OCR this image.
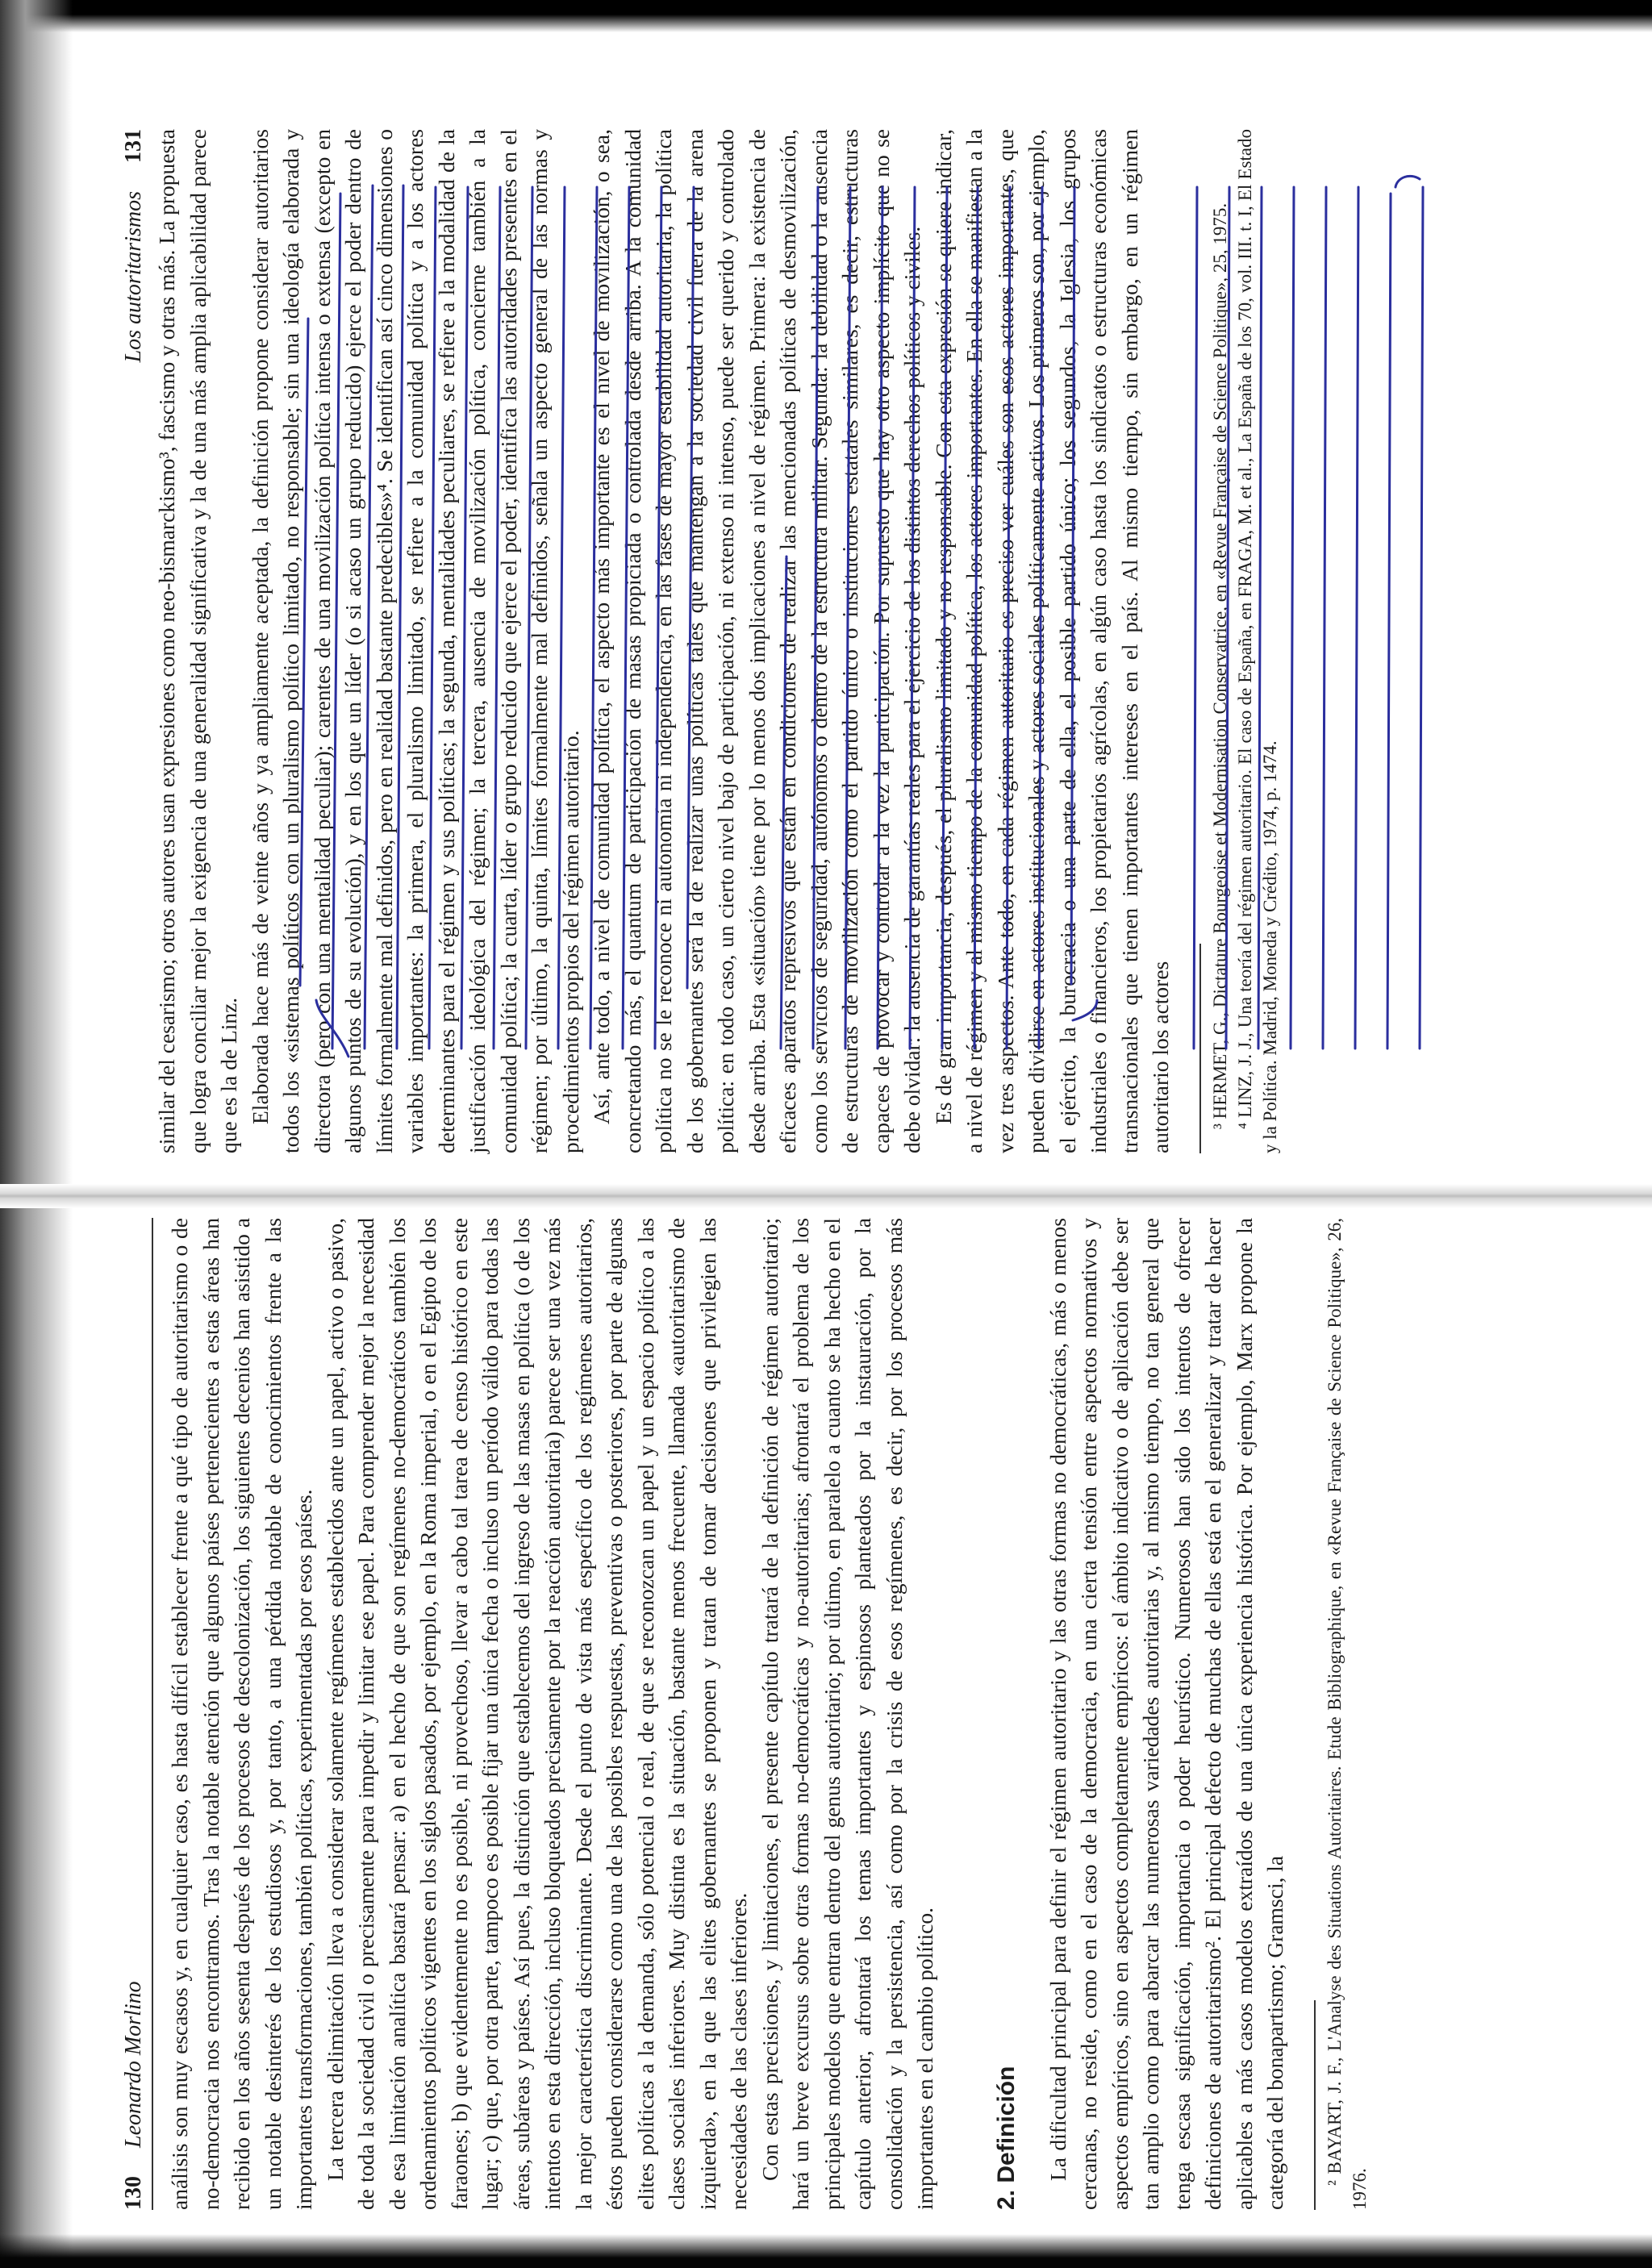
Los autoritarismos     131 similar del cesarismo; otros autores usan expresiones como neo-bismarckismo³, fascismo y otras más. La propuesta que logra conciliar mejor la exigencia de una generalidad significativa y la de una más amplia aplicabilidad parece que es la de Linz. Elaborada hace más de veinte años y ya ampliamente aceptada, la definición propone considerar autoritarios todos los «sistemas políticos con un pluralismo político limitado, no responsable; sin una ideología elaborada y directora (pero con una mentalidad peculiar); carentes de una movilización política intensa o extensa (excepto en algunos puntos de su evolución), y en los que un líder (o si acaso un grupo reducido) ejerce el poder dentro de límites formalmente mal definidos, pero en realidad bastante predecibles»⁴. Se identifican así cinco dimensiones o variables importantes: la primera, el pluralismo limitado, se refiere a la comunidad política y a los actores determinantes para el régimen y sus políticas; la segunda, mentalidades peculiares, se refiere a la modalidad de la justificación ideológica del régimen; la tercera, ausencia de movilización política, concierne también a la comunidad política; la cuarta, líder o grupo reducido que ejerce el poder, identifica las autoridades presentes en el régimen; por último, la quinta, límites formalmente mal definidos, señala un aspecto general de las normas y procedimientos propios del régimen autoritario. Así, ante todo, a nivel de comunidad política, el aspecto más importante es el nivel de movilización, o sea, concretando más, el quantum de participación de masas propiciada o controlada desde arriba. A la comunidad política no se le reconoce ni autonomía ni independencia, en las fases de mayor estabilidad autoritaria, la política de los gobernantes será la de realizar unas políticas tales que mantengan a la sociedad civil fuera de la arena política: en todo caso, un cierto nivel bajo de participación, ni extenso ni intenso, puede ser querido y controlado desde arriba. Esta «situación» tiene por lo menos dos implicaciones a nivel de régimen. Primera: la existencia de eficaces aparatos represivos que están en condiciones de realizar las mencionadas políticas de desmovilización, como los servicios de seguridad, autónomos o dentro de la estructura militar. Segunda: la debilidad o la ausencia de estructuras de movilización como el partido único o instituciones estatales similares, es decir, estructuras capaces de provocar y controlar a la vez la participación. Por supuesto que hay otro aspecto implícito que no se debe olvidar: la ausencia de garantías reales para el ejercicio de los distintos derechos políticos y civiles. Es de gran importancia, después, el pluralismo limitado y no responsable. Con esta expresión se quiere indicar, a nivel de régimen y al mismo tiempo de la comunidad política, los actores importantes. En ella se manifiestan a la vez tres aspectos. Ante todo, en cada régimen autoritario es preciso ver cuáles son esos actores importantes, que pueden dividirse en actores institucionales y actores sociales políticamente activos. Los primeros son, por ejemplo, el ejército, la burocracia o una parte de ella, el posible partido único; los segundos, la Iglesia, los grupos industriales o financieros, los propietarios agrícolas, en algún caso hasta los sindicatos o estructuras económicas transnacionales que tienen importantes intereses en el país. Al mismo tiempo, sin embargo, en un régimen autoritario los actores ³ HERMET, G., Dictature Bourgeoise et Modernisation Conservatrice, en «Revue Française de Science Politique», 25, 1975. ⁴ LINZ, J. J., Una teoría del régimen autoritario. El caso de España, en FRAGA, M. et al., La España de los 70, vol. III. t. I, El Estado y la Política. Madrid, Moneda y Crédito, 1974, p. 1474.

130     Leonardo Morlino análisis son muy escasos y, en cualquier caso, es hasta difícil establecer frente a qué tipo de autoritarismo o de no-democracia nos encontramos. Tras la notable atención que algunos países pertenecientes a estas áreas han recibido en los años sesenta después de los procesos de descolonización, los siguientes decenios han asistido a un notable desinterés de los estudiosos y, por tanto, a una pérdida notable de conocimientos frente a las importantes transformaciones, también políticas, experimentadas por esos países. La tercera delimitación lleva a considerar solamente regímenes establecidos ante un papel, activo o pasivo, de toda la sociedad civil o precisamente para impedir y limitar ese papel. Para comprender mejor la necesidad de esa limitación analítica bastará pensar: a) en el hecho de que son regímenes no-democráticos también los ordenamientos políticos vigentes en los siglos pasados, por ejemplo, en la Roma imperial, o en el Egipto de los faraones; b) que evidentemente no es posible, ni provechoso, llevar a cabo tal tarea de censo histórico en este lugar; c) que, por otra parte, tampoco es posible fijar una única fecha o incluso un período válido para todas las áreas, subáreas y países. Así pues, la distinción que establecemos del ingreso de las masas en política (o de los intentos en esta dirección, incluso bloqueados precisamente por la reacción autoritaria) parece ser una vez más la mejor característica discriminante. Desde el punto de vista más específico de los regímenes autoritarios, éstos pueden considerarse como una de las posibles respuestas, preventivas o posteriores, por parte de algunas elites políticas a la demanda, sólo potencial o real, de que se reconozcan un papel y un espacio político a las clases sociales inferiores. Muy distinta es la situación, bastante menos frecuente, llamada «autoritarismo de izquierda», en la que las elites gobernantes se proponen y tratan de tomar decisiones que privilegien las necesidades de las clases inferiores. Con estas precisiones, y limitaciones, el presente capítulo tratará de la definición de régimen autoritario; hará un breve excursus sobre otras formas no-democráticas y no-autoritarias; afrontará el problema de los principales modelos que entran dentro del genus autoritario; por último, en paralelo a cuanto se ha hecho en el capítulo anterior, afrontará los temas importantes y espinosos planteados por la instauración, por la consolidación y la persistencia, así como por la crisis de esos regímenes, es decir, por los procesos más importantes en el cambio político. 2. Definición La dificultad principal para definir el régimen autoritario y las otras formas no democráticas, más o menos cercanas, no reside, como en el caso de la democracia, en una cierta tensión entre aspectos normativos y aspectos empíricos, sino en aspectos completamente empíricos: el ámbito indicativo o de aplicación debe ser tan amplio como para abarcar las numerosas variedades autoritarias y, al mismo tiempo, no tan general que tenga escasa significación, importancia o poder heurístico. Numerosos han sido los intentos de ofrecer definiciones de autoritarismo². El principal defecto de muchas de ellas está en el generalizar y tratar de hacer aplicables a más casos modelos extraídos de una única experiencia histórica. Por ejemplo, Marx propone la categoría del bonapartismo; Gramsci, la ² BAYART, J. F., L'Analyse des Situations Autoritaires. Etude Bibliographique, en «Revue Française de Science Politique», 26, 1976.
